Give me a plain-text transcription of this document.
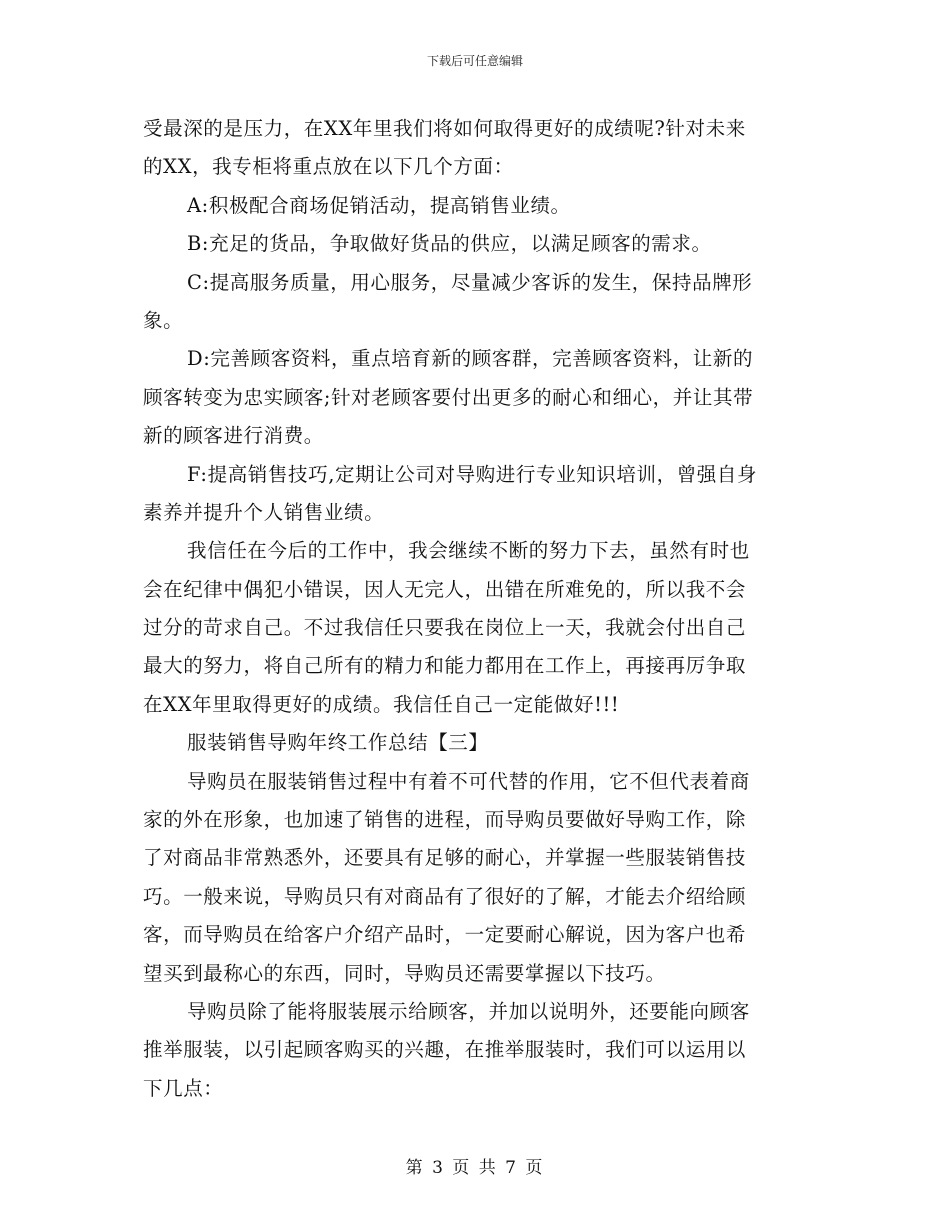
下载后可任意编辑
受最深的是压力，在XX年里我们将如何取得更好的成绩呢?针对未来
的XX，我专柜将重点放在以下几个方面：
A:积极配合商场促销活动，提高销售业绩。
B:充足的货品，争取做好货品的供应，以满足顾客的需求。
C:提高服务质量，用心服务，尽量减少客诉的发生，保持品牌形
象。
D:完善顾客资料，重点培育新的顾客群，完善顾客资料，让新的
顾客转变为忠实顾客;针对老顾客要付出更多的耐心和细心，并让其带
新的顾客进行消费。
F:提高销售技巧,定期让公司对导购进行专业知识培训，曾强自身
素养并提升个人销售业绩。
我信任在今后的工作中，我会继续不断的努力下去，虽然有时也
会在纪律中偶犯小错误，因人无完人，出错在所难免的，所以我不会
过分的苛求自己。不过我信任只要我在岗位上一天，我就会付出自己
最大的努力，将自己所有的精力和能力都用在工作上，再接再厉争取
在XX年里取得更好的成绩。我信任自己一定能做好!!!
服装销售导购年终工作总结【三】
导购员在服装销售过程中有着不可代替的作用，它不但代表着商
家的外在形象，也加速了销售的进程，而导购员要做好导购工作，除
了对商品非常熟悉外，还要具有足够的耐心，并掌握一些服装销售技
巧。一般来说，导购员只有对商品有了很好的了解，才能去介绍给顾
客，而导购员在给客户介绍产品时，一定要耐心解说，因为客户也希
望买到最称心的东西，同时，导购员还需要掌握以下技巧。
导购员除了能将服装展示给顾客，并加以说明外，还要能向顾客
推举服装，以引起顾客购买的兴趣，在推举服装时，我们可以运用以
下几点：
第 3 页 共 7 页
